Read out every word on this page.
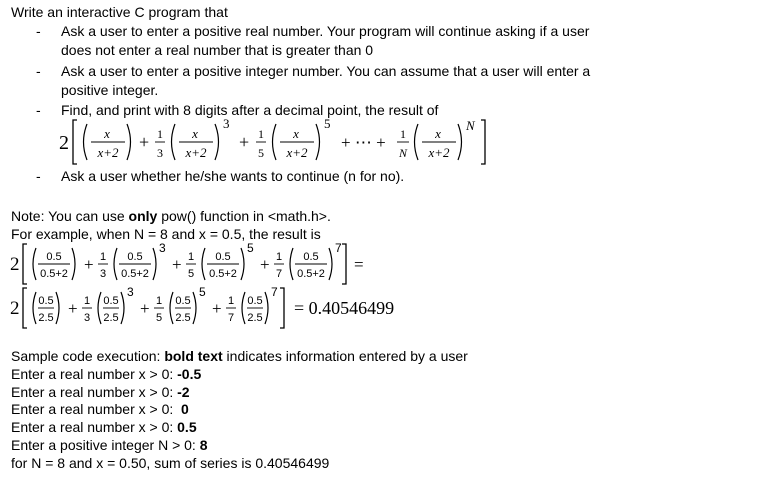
Write an interactive C program that
- Ask a user to enter a positive real number. Your program will continue asking if a user
does not enter a real number that is greater than 0
- Ask a user to enter a positive integer number. You can assume that a user will enter a
positive integer.
- Find, and print with 8 digits after a decimal point, the result of
2	x
x+2
+ 1
3
x
x+2
3
+ 1
5
x
x+2
5
+ ⋯ + 1
N
x
x+2
N
- Ask a user whether he/she wants to continue (n for no).
Note: You can use only pow() function in <math.h>.
For example, when N = 8 and x = 0.5, the result is
2 0.5
0.5+2 + 1
3
0.5
0.5+2
3
+ 1
5
0.5
0.5+2
5
+ 1
7
0.5
0.5+2
7
=
2 0.5
2.5 + 1
3
0.5
2.5
3
+ 1
5
0.5
2.5
5
+ 1
7
0.5
2.5
7
= 0.40546499
Sample code execution: bold text indicates information entered by a user
Enter a real number x > 0: -0.5
Enter a real number x > 0: -2
Enter a real number x > 0:  0
Enter a real number x > 0: 0.5
Enter a positive integer N > 0: 8
for N = 8 and x = 0.50, sum of series is 0.40546499
